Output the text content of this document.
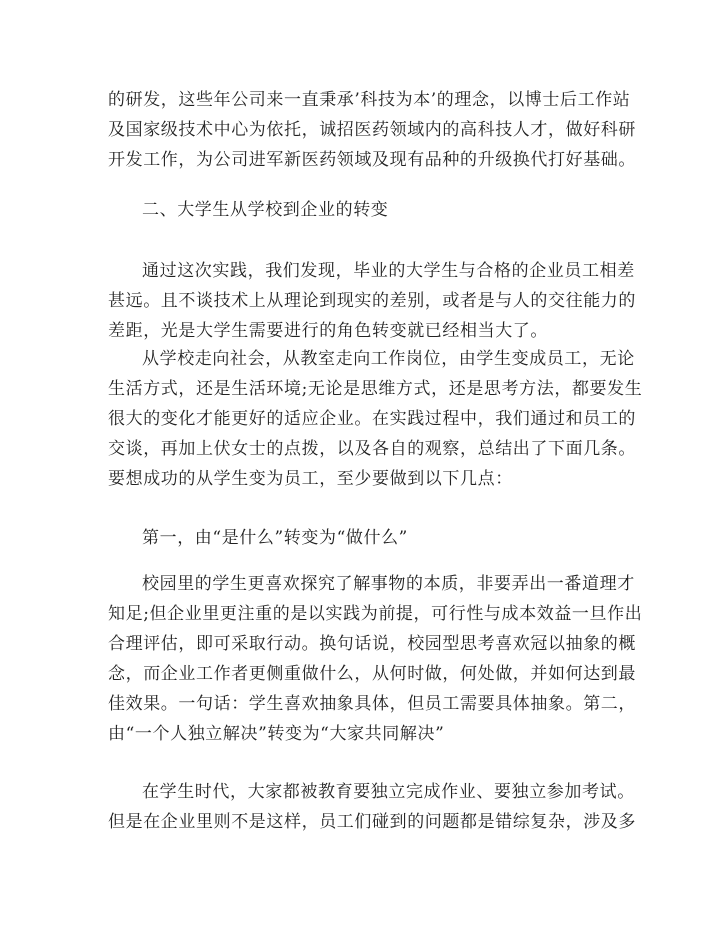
的研发，这些年公司来一直秉承’科技为本’的理念，以博士后工作站
及国家级技术中心为依托，诚招医药领域内的高科技人才，做好科研
开发工作，为公司进军新医药领域及现有品种的升级换代打好基础。
二、大学生从学校到企业的转变
通过这次实践，我们发现，毕业的大学生与合格的企业员工相差
甚远。且不谈技术上从理论到现实的差别，或者是与人的交往能力的
差距，光是大学生需要进行的角色转变就已经相当大了。
从学校走向社会，从教室走向工作岗位，由学生变成员工，无论
生活方式，还是生活环境;无论是思维方式，还是思考方法，都要发生
很大的变化才能更好的适应企业。在实践过程中，我们通过和员工的
交谈，再加上伏女士的点拨，以及各自的观察，总结出了下面几条。
要想成功的从学生变为员工，至少要做到以下几点：
第一，由“是什么”转变为“做什么”
校园里的学生更喜欢探究了解事物的本质，非要弄出一番道理才
知足;但企业里更注重的是以实践为前提，可行性与成本效益一旦作出
合理评估，即可采取行动。换句话说，校园型思考喜欢冠以抽象的概
念，而企业工作者更侧重做什么，从何时做，何处做，并如何达到最
佳效果。一句话：学生喜欢抽象具体，但员工需要具体抽象。第二，
由“一个人独立解决”转变为“大家共同解决”
在学生时代，大家都被教育要独立完成作业、要独立参加考试。
但是在企业里则不是这样，员工们碰到的问题都是错综复杂，涉及多
